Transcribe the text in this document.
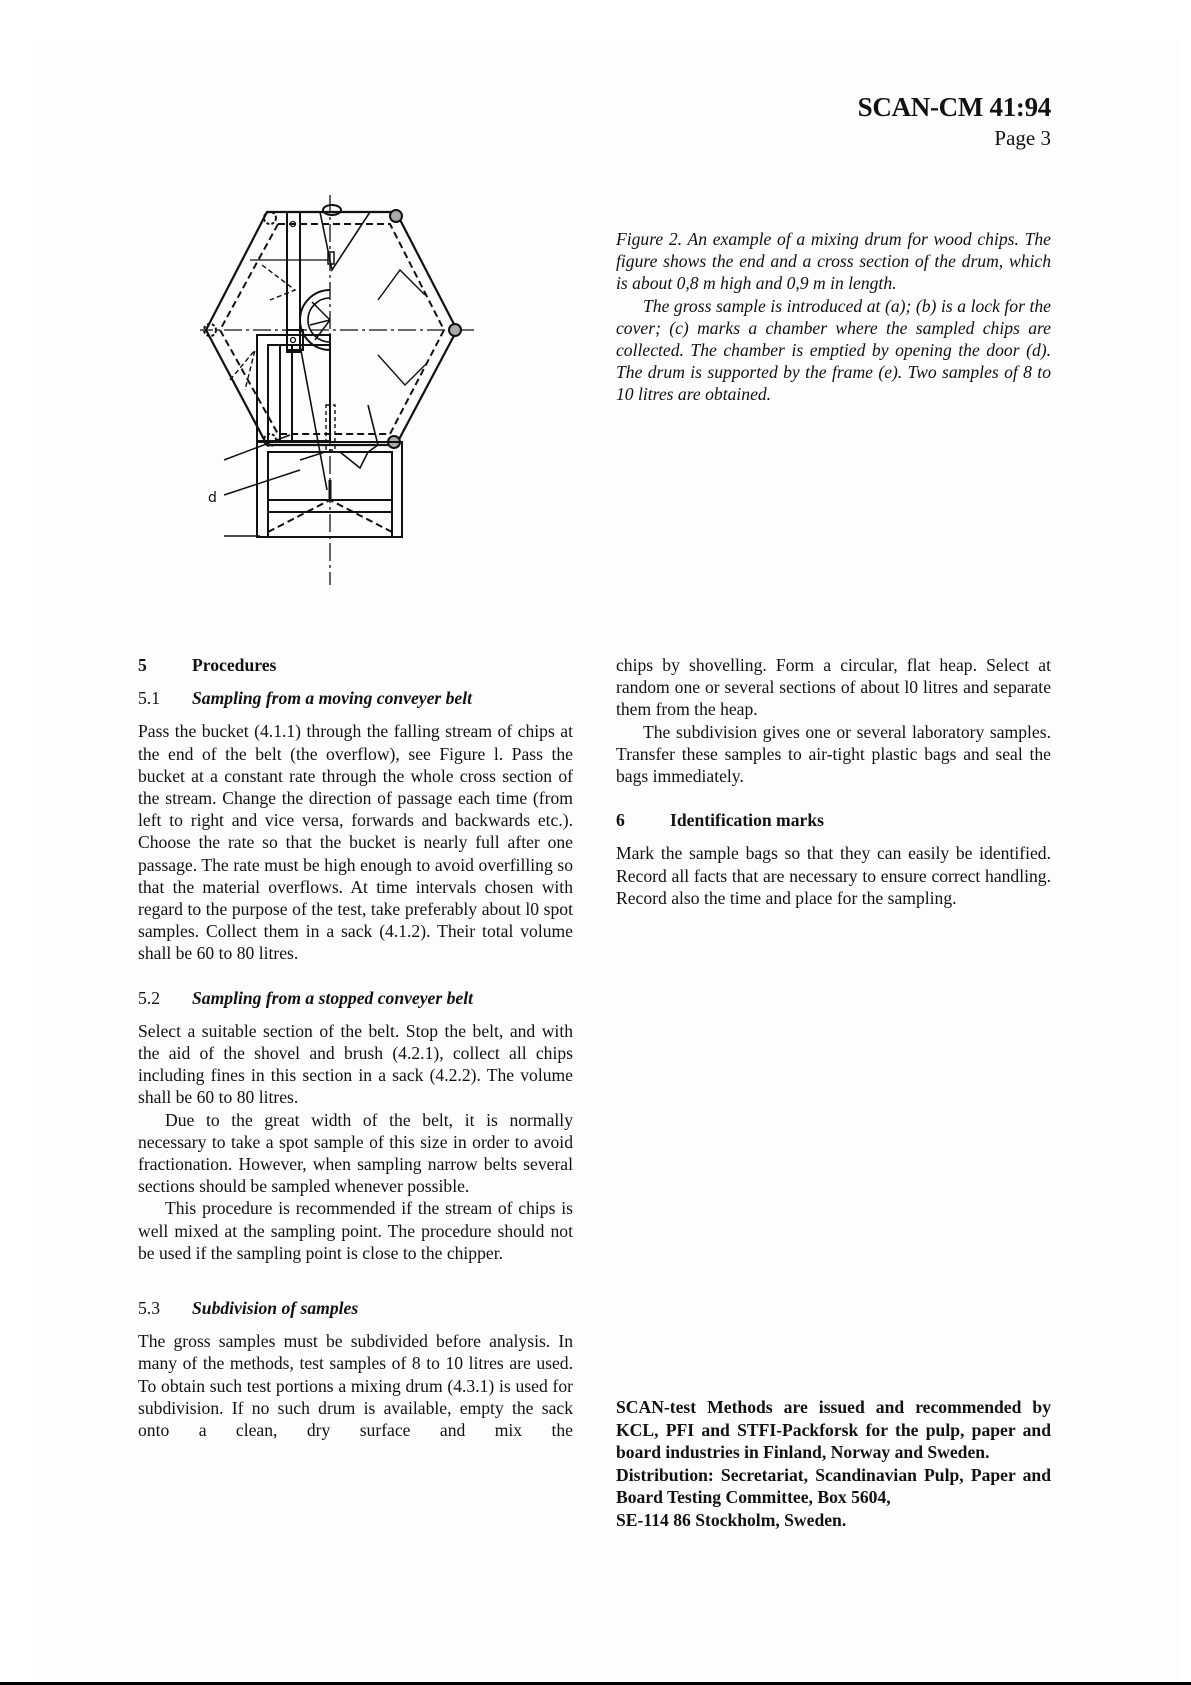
SCAN-CM 41:94
Page 3
d

Figure 2. An example of a mixing drum for wood chips. The figure shows the end and a cross section of the drum, which is about 0,8 m high and 0,9 m in length.

The gross sample is introduced at (a); (b) is a lock for the cover; (c) marks a chamber where the sampled chips are collected. The chamber is emptied by opening the door (d). The drum is supported by the frame (e). Two samples of 8 to 10 litres are obtained.

5	Procedures
5.1	Sampling from a moving conveyer belt

Pass the bucket (4.1.1) through the falling stream of chips at the end of the belt (the overflow), see Figure l. Pass the bucket at a constant rate through the whole cross section of the stream. Change the direction of passage each time (from left to right and vice versa, forwards and backwards etc.). Choose the rate so that the bucket is nearly full after one passage. The rate must be high enough to avoid overfilling so that the material overflows. At time intervals chosen with regard to the purpose of the test, take preferably about l0 spot samples. Collect them in a sack (4.1.2). Their total volume shall be 60 to 80 litres.

5.2	Sampling from a stopped conveyer belt

Select a suitable section of the belt. Stop the belt, and with the aid of the shovel and brush (4.2.1), collect all chips including fines in this section in a sack (4.2.2). The volume shall be 60 to 80 litres.

Due to the great width of the belt, it is normally necessary to take a spot sample of this size in order to avoid fractionation. However, when sampling narrow belts several sections should be sampled whenever possible.

This procedure is recommended if the stream of chips is well mixed at the sampling point. The procedure should not be used if the sampling point is close to the chipper.

5.3	Subdivision of samples

The gross samples must be subdivided before analysis. In many of the methods, test samples of 8 to 10 litres are used. To obtain such test portions a mixing drum (4.3.1) is used for subdivision. If no such drum is available, empty the sack onto a clean, dry surface and mix the

chips by shovelling. Form a circular, flat heap. Select at random one or several sections of about l0 litres and separate them from the heap.

The subdivision gives one or several laboratory samples. Transfer these samples to air-tight plastic bags and seal the bags immediately.

6	Identification marks

Mark the sample bags so that they can easily be identified. Record all facts that are necessary to ensure correct handling. Record also the time and place for the sampling.

SCAN-test Methods are issued and recommended by KCL, PFI and STFI-Packforsk for the pulp, paper and board industries in Finland, Norway and Sweden.

Distribution: Secretariat, Scandinavian Pulp, Paper and Board Testing Committee, Box 5604,

SE-114 86 Stockholm, Sweden.
